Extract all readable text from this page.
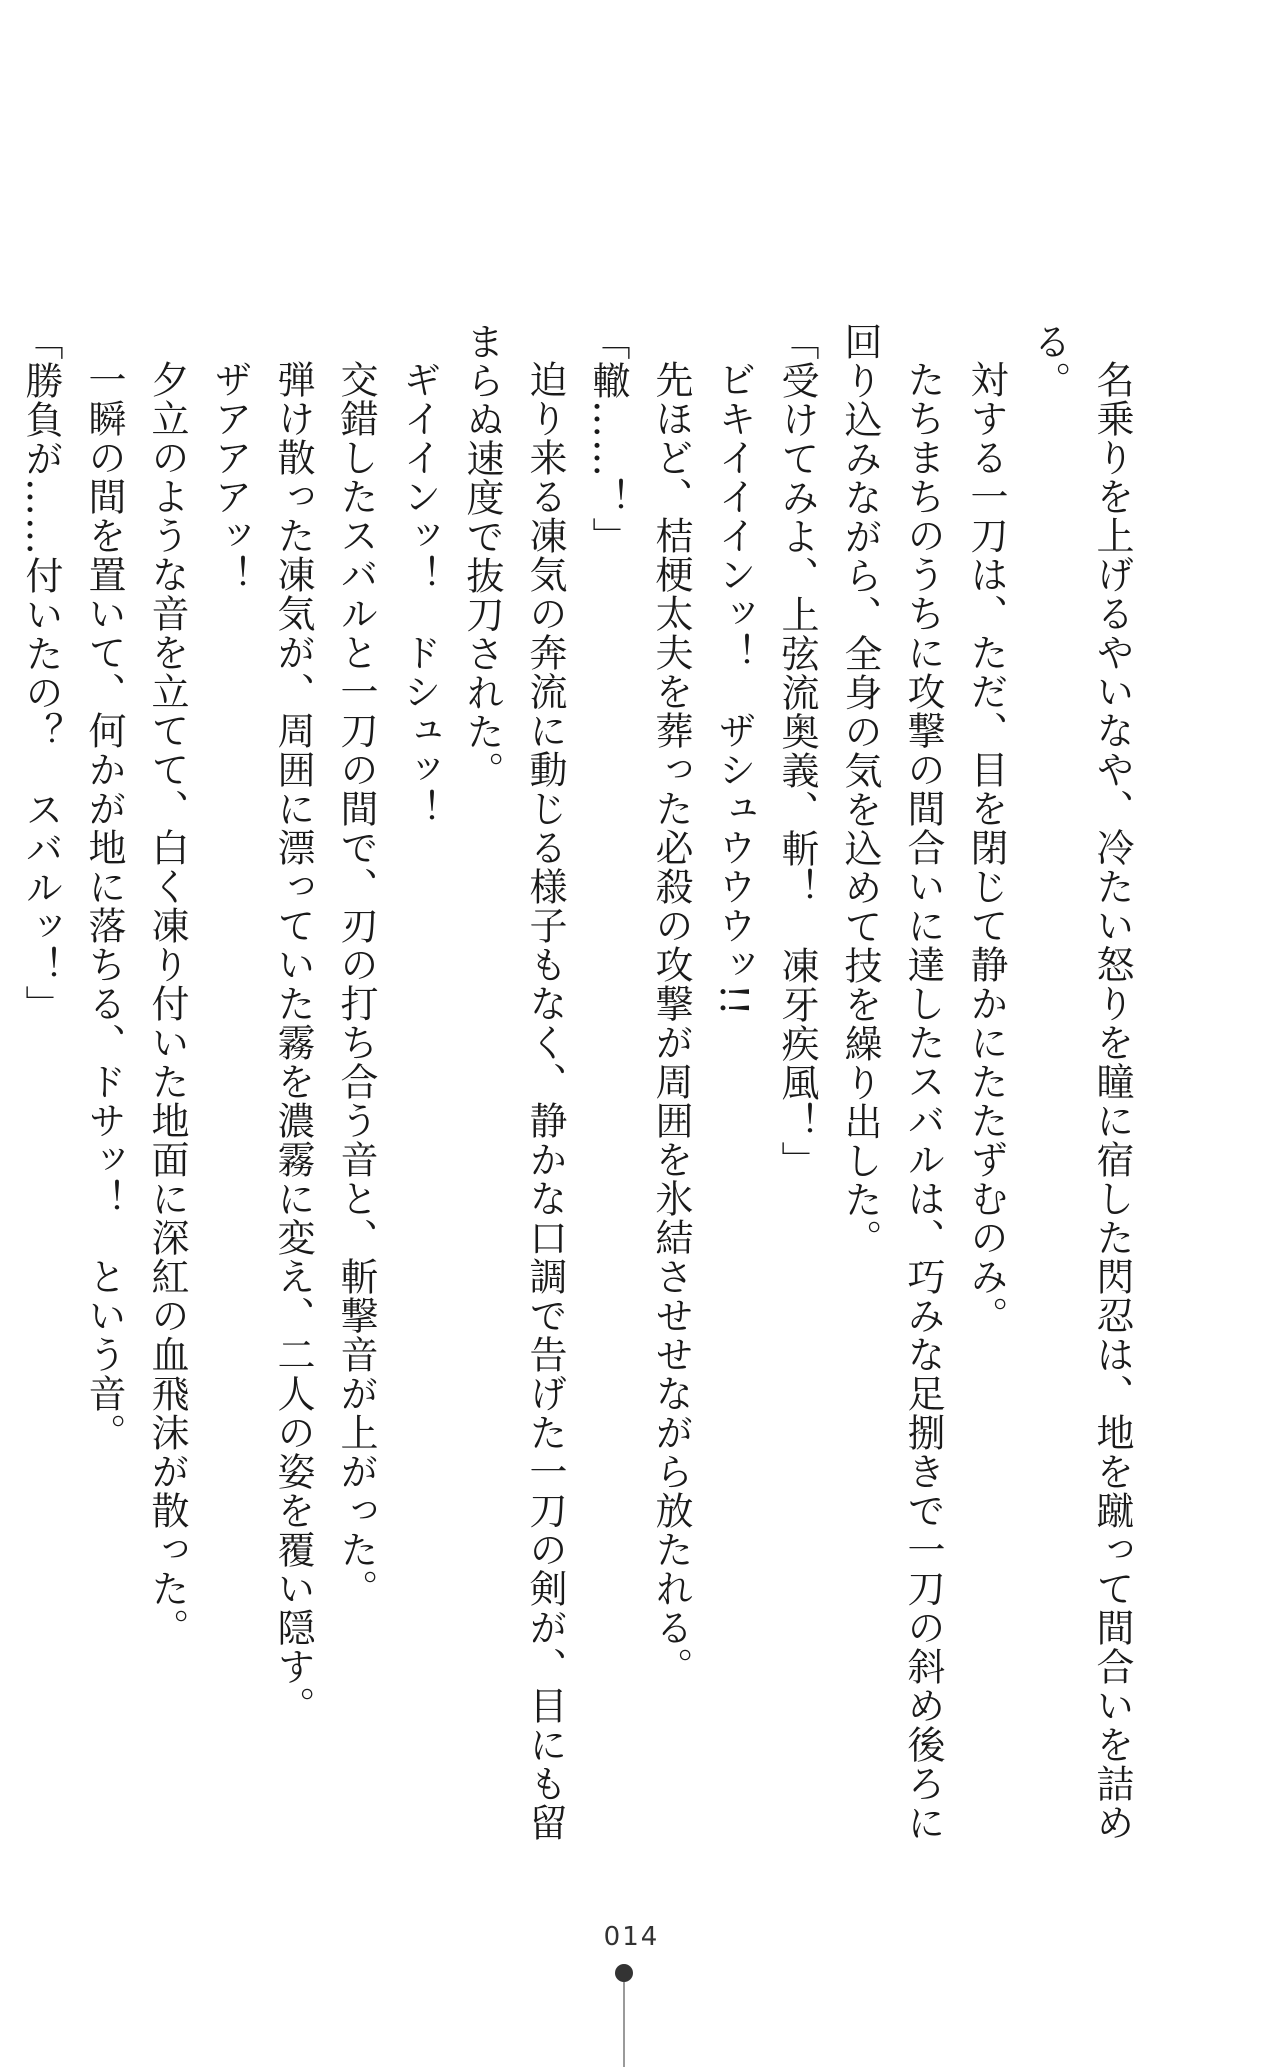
名乗りを上げるやいなや、冷たい怒りを瞳に宿した閃忍は、地を蹴って間合いを詰める。

対する一刀は、ただ、目を閉じて静かにたたずむのみ。

たちまちのうちに攻撃の間合いに達したスバルは、巧みな足捌きで一刀の斜め後ろに回り込みながら、全身の気を込めて技を繰り出した。

「受けてみよ、上弦流奥義、斬！　凍牙疾風！」

ビキイイインッ！　ザシュウウウッ!!

先ほど、桔梗太夫を葬った必殺の攻撃が周囲を氷結させせながら放たれる。

「轍……！」

迫り来る凍気の奔流に動じる様子もなく、静かな口調で告げた一刀の剣が、目にも留まらぬ速度で抜刀された。

ギイインッ！　ドシュッ！

交錯したスバルと一刀の間で、刃の打ち合う音と、斬撃音が上がった。

弾け散った凍気が、周囲に漂っていた霧を濃霧に変え、二人の姿を覆い隠す。

ザアアアッ！

夕立のような音を立てて、白く凍り付いた地面に深紅の血飛沫が散った。

一瞬の間を置いて、何かが地に落ちる、ドサッ！　という音。

「勝負が……付いたの？　スバルッ！」

014
